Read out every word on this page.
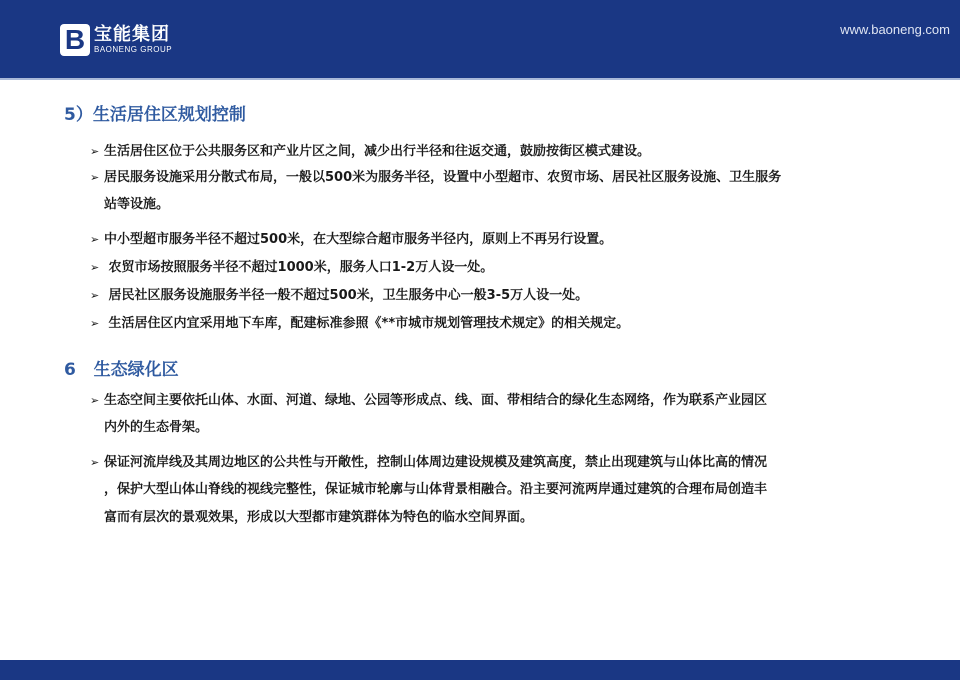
B 宝能集团
BAONENG GROUP
www.baoneng.com
5）生活居住区规划控制
➢ 生活居住区位于公共服务区和产业片区之间，减少出行半径和往返交通，鼓励按街区模式建设。
➢ 居民服务设施采用分散式布局，一般以500米为服务半径，设置中小型超市、农贸市场、居民社区服务设施、卫生服务
站等设施。
➢ 中小型超市服务半径不超过500米，在大型综合超市服务半径内，原则上不再另行设置。
➢ 农贸市场按照服务半径不超过1000米，服务人口1-2万人设一处。
➢ 居民社区服务设施服务半径一般不超过500米，卫生服务中心一般3-5万人设一处。
➢ 生活居住区内宜采用地下车库，配建标准参照《**市城市规划管理技术规定》的相关规定。
6   生态绿化区
➢ 生态空间主要依托山体、水面、河道、绿地、公园等形成点、线、面、带相结合的绿化生态网络，作为联系产业园区
内外的生态骨架。
➢ 保证河流岸线及其周边地区的公共性与开敞性，控制山体周边建设规模及建筑高度，禁止出现建筑与山体比高的情况
，保护大型山体山脊线的视线完整性，保证城市轮廓与山体背景相融合。沿主要河流两岸通过建筑的合理布局创造丰
富而有层次的景观效果，形成以大型都市建筑群体为特色的临水空间界面。
